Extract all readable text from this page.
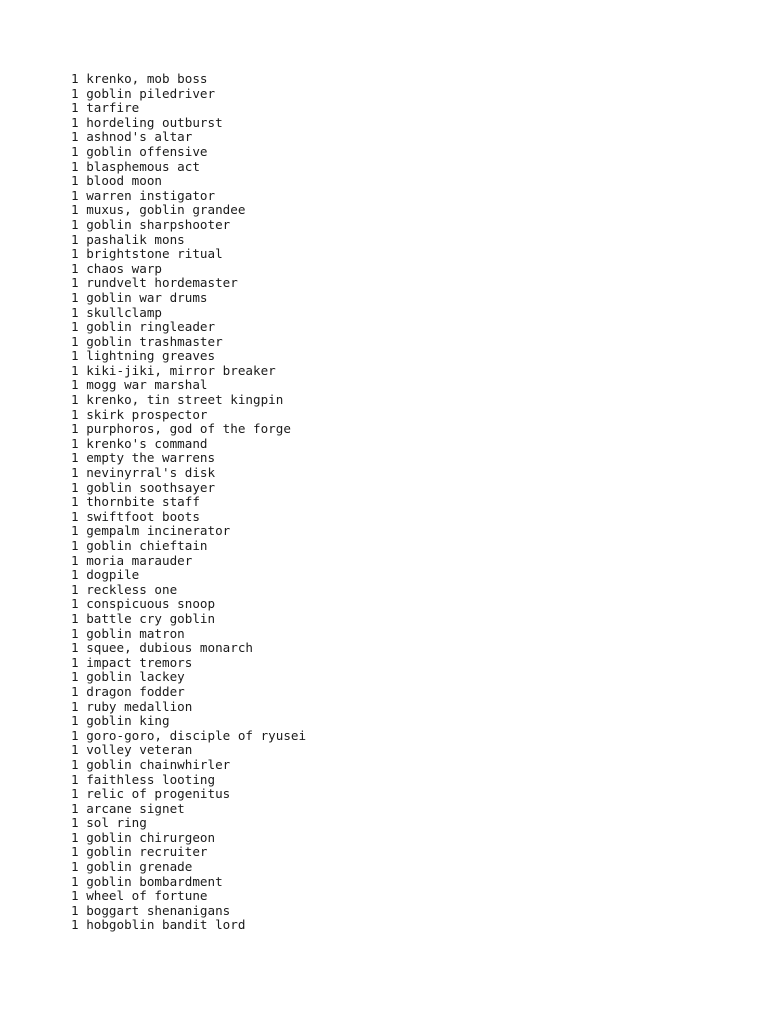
1 krenko, mob boss
1 goblin piledriver
1 tarfire
1 hordeling outburst
1 ashnod's altar
1 goblin offensive
1 blasphemous act
1 blood moon
1 warren instigator
1 muxus, goblin grandee
1 goblin sharpshooter
1 pashalik mons
1 brightstone ritual
1 chaos warp
1 rundvelt hordemaster
1 goblin war drums
1 skullclamp
1 goblin ringleader
1 goblin trashmaster
1 lightning greaves
1 kiki-jiki, mirror breaker
1 mogg war marshal
1 krenko, tin street kingpin
1 skirk prospector
1 purphoros, god of the forge
1 krenko's command
1 empty the warrens
1 nevinyrral's disk
1 goblin soothsayer
1 thornbite staff
1 swiftfoot boots
1 gempalm incinerator
1 goblin chieftain
1 moria marauder
1 dogpile
1 reckless one
1 conspicuous snoop
1 battle cry goblin
1 goblin matron
1 squee, dubious monarch
1 impact tremors
1 goblin lackey
1 dragon fodder
1 ruby medallion
1 goblin king
1 goro-goro, disciple of ryusei
1 volley veteran
1 goblin chainwhirler
1 faithless looting
1 relic of progenitus
1 arcane signet
1 sol ring
1 goblin chirurgeon
1 goblin recruiter
1 goblin grenade
1 goblin bombardment
1 wheel of fortune
1 boggart shenanigans
1 hobgoblin bandit lord
